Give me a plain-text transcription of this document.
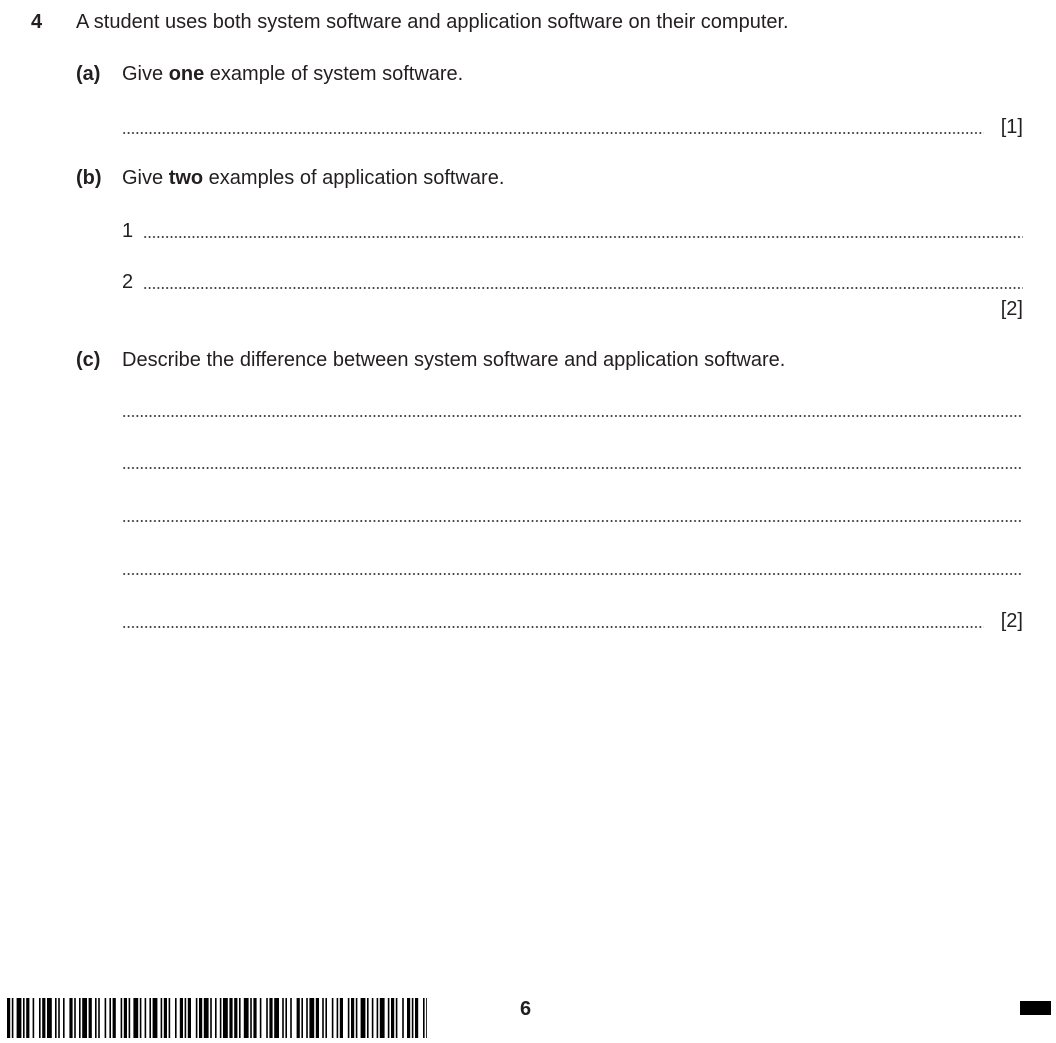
4 A student uses both system software and application software on their computer.
(a) Give one example of system software.
[1]
(b) Give two examples of application software.
1
2
[2]
(c) Describe the difference between system software and application software.
[2]
6
